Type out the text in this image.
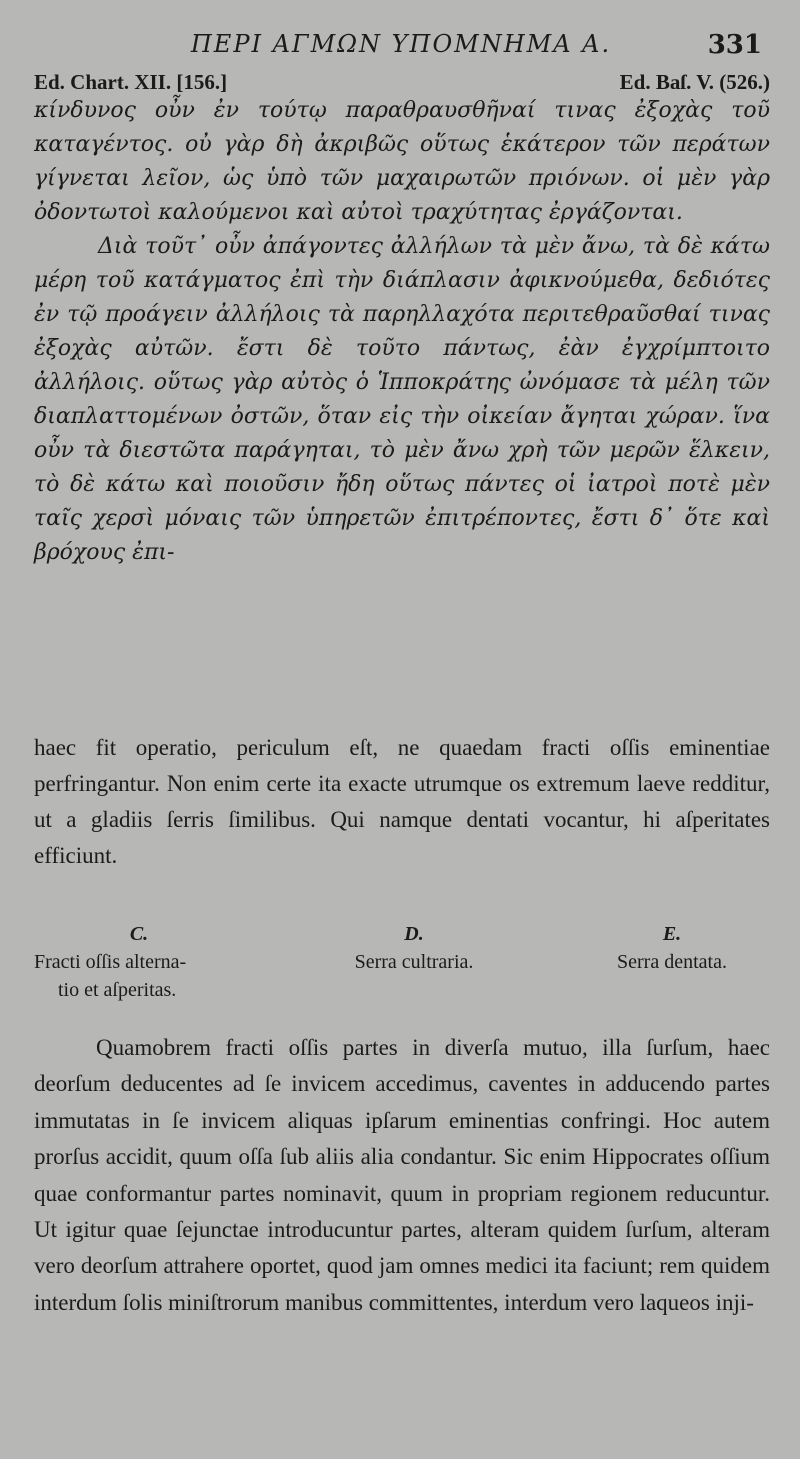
ΠΕΡΙ ΑΓΜΩΝ ΥΠΟΜΝΗΜΑ Α.	331
Ed. Chart. XII. [156.]	Ed. Baſ. V. (526.)

κίνδυνος οὖν ἐν τούτῳ παραθραυσθῆναί τινας ἐξοχὰς τοῦ καταγέντος. οὐ γὰρ δὴ ἀκριβῶς οὕτως ἑκάτερον τῶν περάτων γίγνεται λεῖον, ὡς ὑπὸ τῶν μαχαιρωτῶν πριόνων. οἱ μὲν γὰρ ὀδοντωτοὶ καλούμενοι καὶ αὐτοὶ τραχύτητας ἐργάζονται.

Διὰ τοῦτ᾽ οὖν ἀπάγοντες ἀλλήλων τὰ μὲν ἄνω, τὰ δὲ κάτω μέρη τοῦ κατάγματος ἐπὶ τὴν διάπλασιν ἀφικνούμεθα, δεδιότες ἐν τῷ προάγειν ἀλλήλοις τὰ παρηλλαχότα περιτεθραῦσθαί τινας ἐξοχὰς αὐτῶν. ἔστι δὲ τοῦτο πάντως, ἐὰν ἐγχρίμπτοιτο ἀλλήλοις. οὕτως γὰρ αὐτὸς ὁ Ἱπποκράτης ὠνόμασε τὰ μέλη τῶν διαπλαττομένων ὀστῶν, ὅταν εἰς τὴν οἰκείαν ἄγηται χώραν. ἵνα οὖν τὰ διεστῶτα παράγηται, τὸ μὲν ἄνω χρὴ τῶν μερῶν ἕλκειν, τὸ δὲ κάτω καὶ ποιοῦσιν ἤδη οὕτως πάντες οἱ ἰατροὶ ποτὲ μὲν ταῖς χερσὶ μόναις τῶν ὑπηρετῶν ἐπιτρέποντες, ἔστι δ᾽ ὅτε καὶ βρόχους ἐπι-

haec fit operatio, periculum eſt, ne quaedam fracti oſſis eminentiae perfringantur. Non enim certe ita exacte utrumque os extremum laeve redditur, ut a gladiis ſerris ſimilibus. Qui namque dentati vocantur, hi aſperitates efficiunt.

C.
Fracti oſſis alterna-
tio et aſperitas.
D.
Serra cultraria.
E.
Serra dentata.

Quamobrem fracti oſſis partes in diverſa mutuo, illa ſurſum, haec deorſum deducentes ad ſe invicem accedimus, caventes in adducendo partes immutatas in ſe invicem aliquas ipſarum eminentias confringi. Hoc autem prorſus accidit, quum oſſa ſub aliis alia condantur. Sic enim Hippocrates oſſium quae conformantur partes nominavit, quum in propriam regionem reducuntur. Ut igitur quae ſejunctae introducuntur partes, alteram quidem ſurſum, alteram vero deorſum attrahere oportet, quod jam omnes medici ita faciunt; rem quidem interdum ſolis miniſtrorum manibus committentes, interdum vero laqueos inji-
